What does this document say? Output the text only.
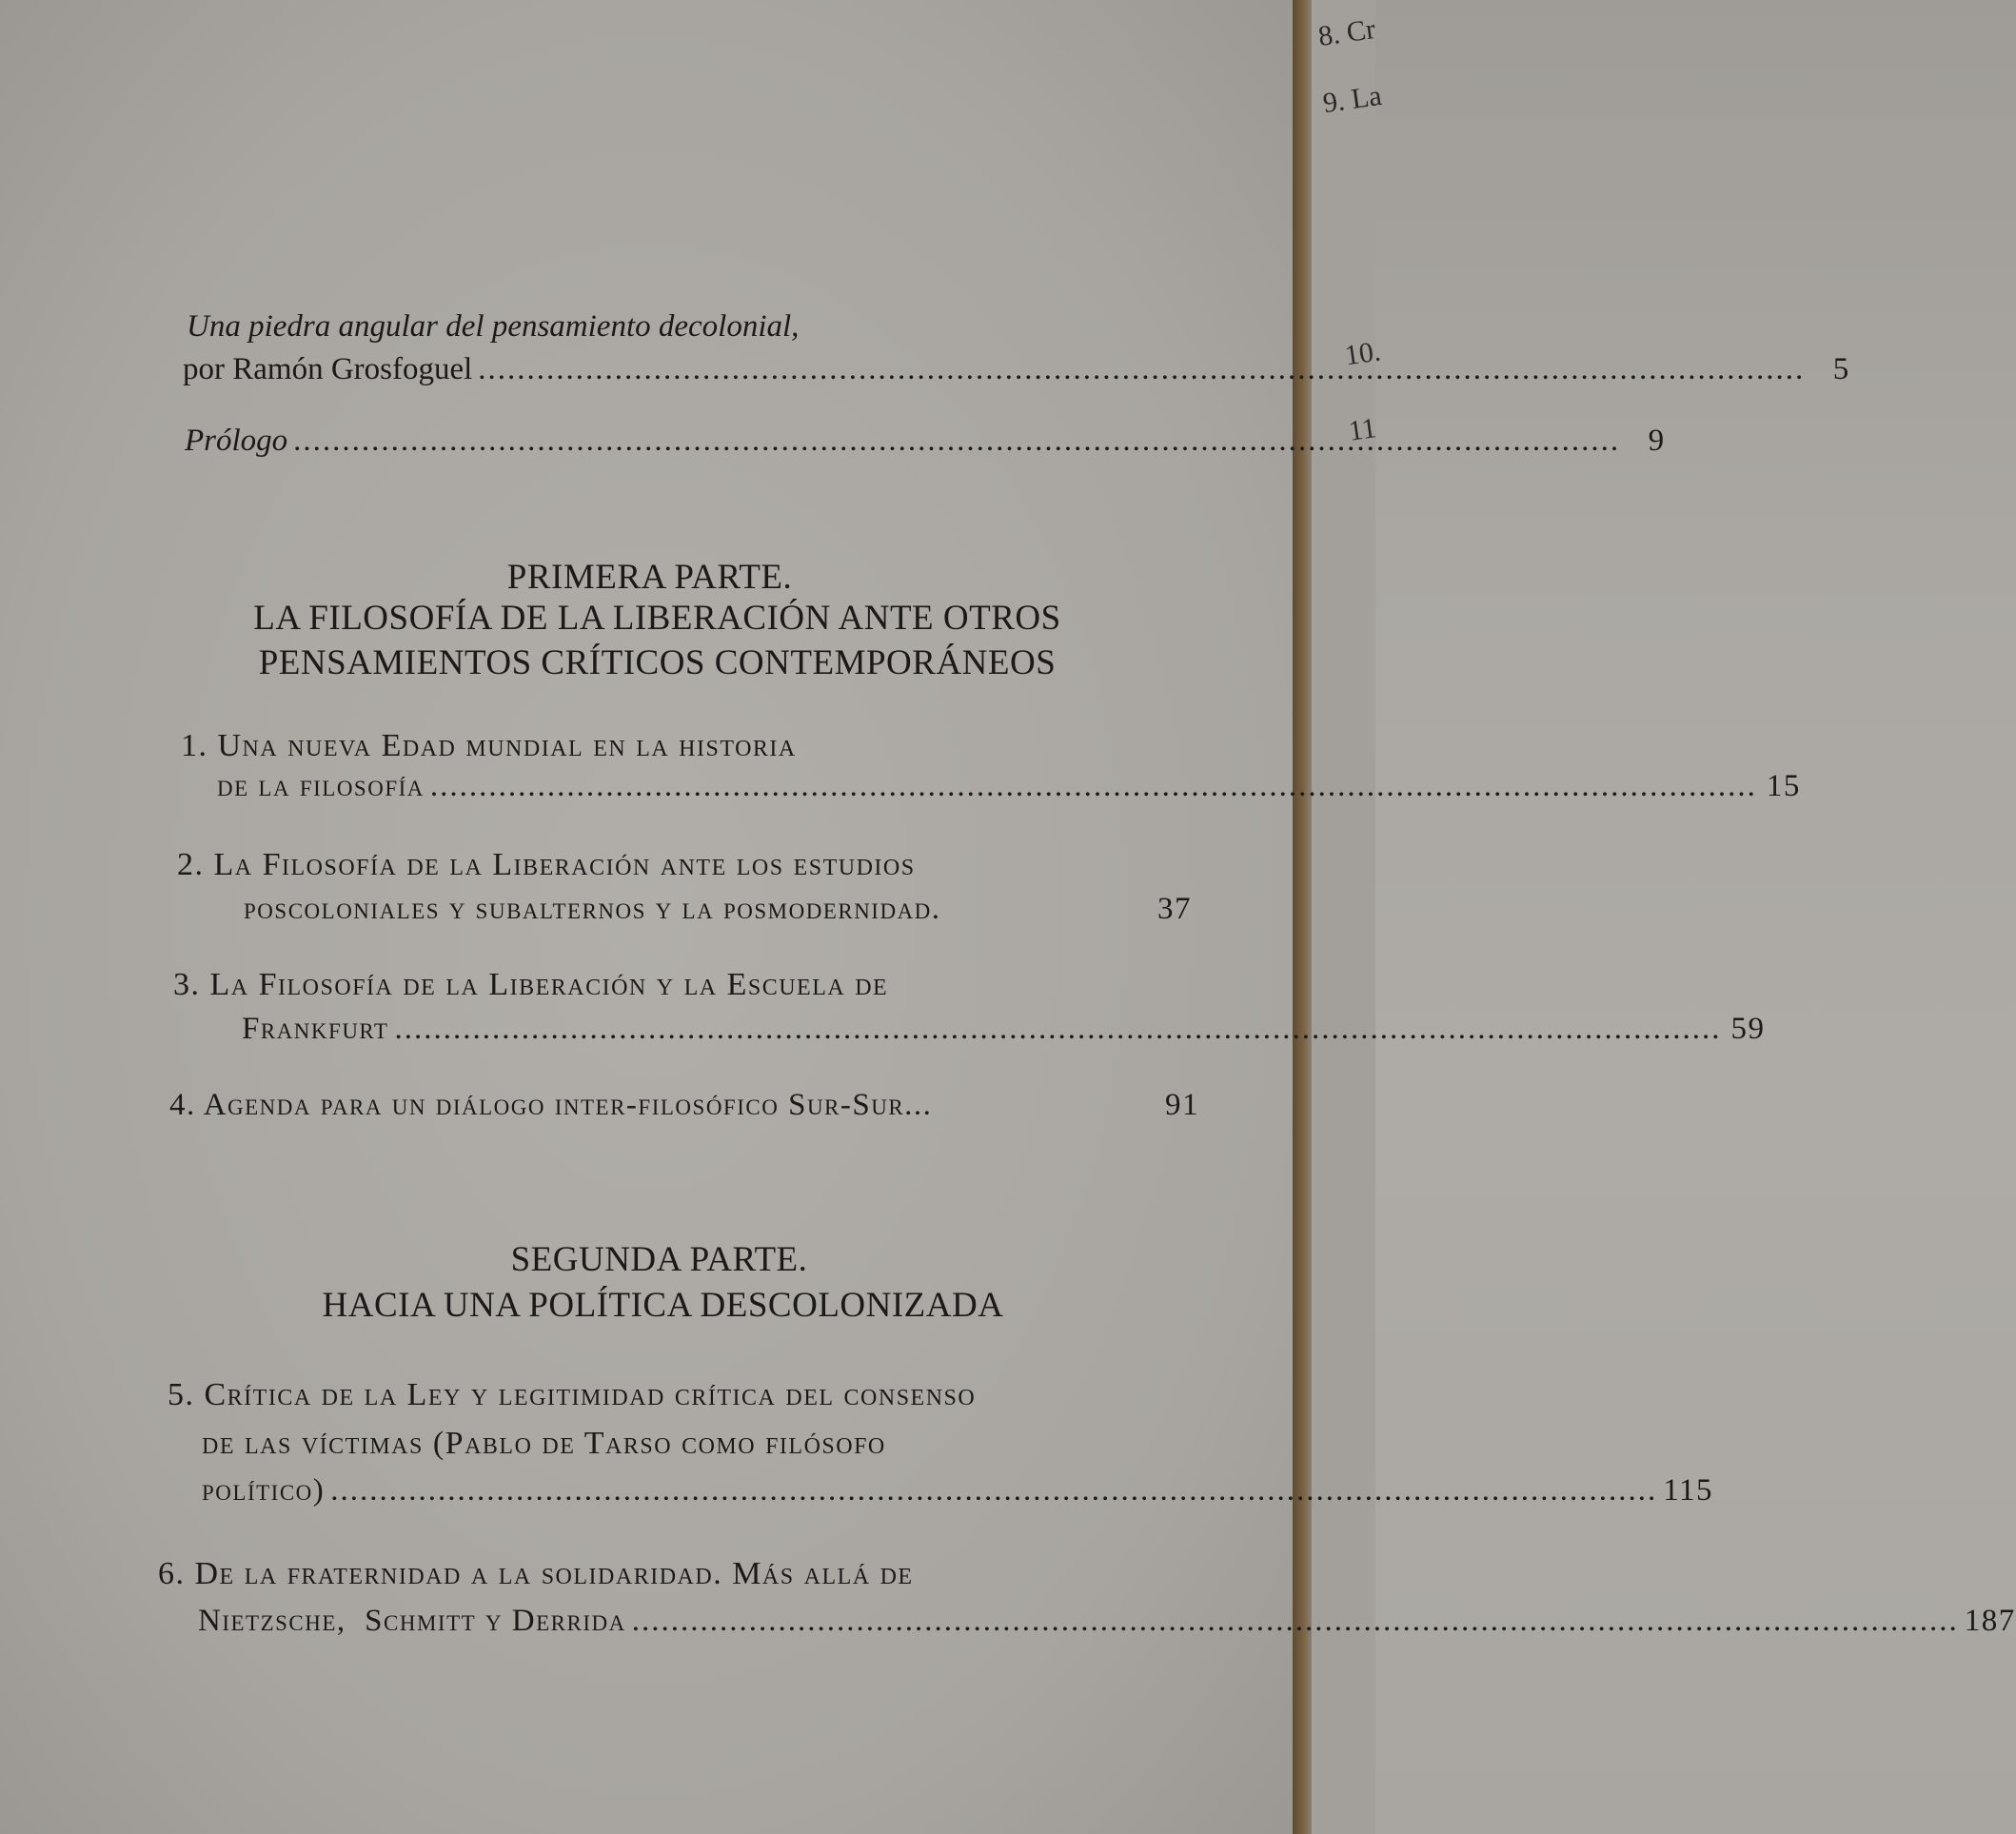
8. Cr
9. La
10.
11
Una piedra angular del pensamiento decolonial,
por Ramón Grosfoguel .....	5
Prólogo .....	9
PRIMERA PARTE.
LA FILOSOFÍA DE LA LIBERACIÓN ANTE OTROS
PENSAMIENTOS CRÍTICOS CONTEMPORÁNEOS
1. Una nueva Edad mundial en la historia
de la filosofía .....	15
2. La Filosofía de la Liberación ante los estudios
poscoloniales y subalternos y la posmodernidad.	37
3. La Filosofía de la Liberación y la Escuela de
Frankfurt .....	59
4. Agenda para un diálogo inter-filosófico Sur-Sur...	91
SEGUNDA PARTE.
HACIA UNA POLÍTICA DESCOLONIZADA
5. Crítica de la Ley y legitimidad crítica del consenso
de las víctimas (Pablo de Tarso como filósofo
político) .....	115
6. De la fraternidad a la solidaridad. Más allá de
Nietzsche,  Schmitt y Derrida .....	187
